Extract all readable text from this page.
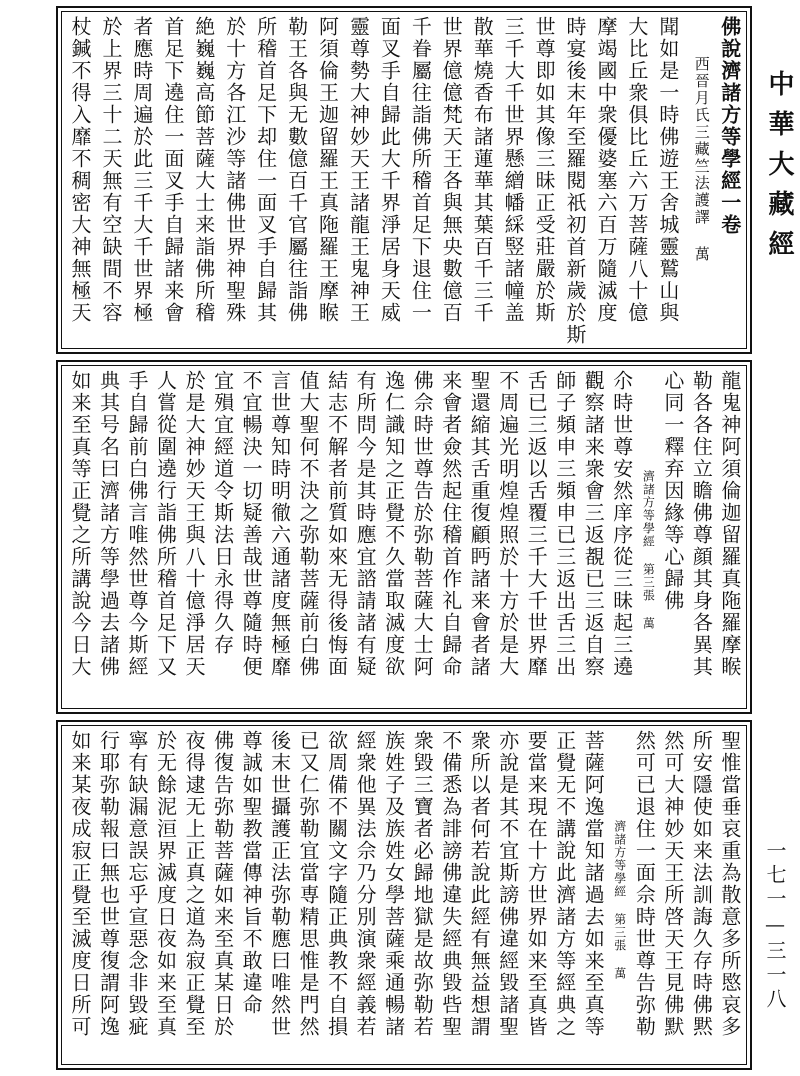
佛說濟諸方等學經一卷
西晉月氏三藏竺法護譯 萬
聞如是一時佛遊王舍城靈鷲山與
大比丘衆俱比丘六万菩薩八十億
摩竭國中衆優婆塞六百万隨滅度
時宴後末年至羅閱祇初首新歲於斯
世尊即如其像三昧正受莊嚴於斯
三千大千世界懸繒幡綵竪諸幢盖
散華燒香布諸蓮華其葉百千三千
世界億億梵天王各與無央數億百
千眷屬往詣佛所稽首足下退住一
面叉手自歸此大千界淨居身天威
靈尊勢大神妙天王諸龍王鬼神王
阿須倫王迦留羅王真陁羅王摩睺
勒王各與无數億百千官屬往詣佛
所稽首足下却住一面叉手自歸其
於十方各江沙等諸佛世界神聖殊
絶巍巍高節菩薩大士来詣佛所稽
首足下遶住一面叉手自歸諸来會
者應時周遍於此三千大千世界極
於上界三十二天無有空缺間不容
杖鍼不得入靡不稠密大神無極天
龍鬼神阿須倫迦留羅真陁羅摩睺
勒各各住立瞻佛尊顔其身各異其
心同一釋弃因緣等心歸佛
濟諸方等學經 第三張 萬
尒時世尊安然庠序從三昧起三遶
觀察諸来衆會三返覩已三返自察
師子頻申三頻申已三返出舌三出
舌已三返以舌覆三千大千世界靡
不周遍光明煌煌照於十方於是大
聖還縮其舌重復顧眄諸来會者諸
来會者僉然起住稽首作礼自歸命
佛佘時世尊告於弥勒菩薩大士阿
逸仁識知之正覺不久當取滅度欲
有所問今是其時應宜諮請諸有疑
結志不解者前質如來无得後悔面
值大聖何不決之弥勒菩薩前白佛
言世尊知時明徹六通諸度無極靡
不宜暢決一切疑善哉世尊隨時便
宜殞宜經道令斯法日永得久存
於是大神妙天王與八十億淨居天
人嘗從圍遶行詣佛所稽首足下又
手自歸前白佛言唯然世尊今斯經
典其号名曰濟諸方等學過去諸佛
如来至真等正覺之所講說今日大
聖惟當垂哀重為散意多所愍哀多
所安隱使如来法訓誨久存時佛黙
然可大神妙天王所啓天王見佛默
然可已退住一面佘時世尊告弥勒
濟諸方等學經 第三張 萬
菩薩阿逸當知諸過去如来至真等
正覺无不講說此濟諸方等經典之
要當来現在十方世界如来至真皆
亦說是其不宜斯謗佛違經毀諸聖
衆所以者何若說此經有無益想謂
不備悉為誹謗佛違失經典毀呰聖
衆毀三寶者必歸地獄是故弥勒若
族姓子及族姓女學菩薩乘通暢諸
經衆他異法佘乃分別演衆經義若
欲周備不關文字隨正典教不自損
已又仁弥勒宜當専精思惟是門然
後末世攝護正法弥勒應曰唯然世
尊誠如聖教當傳神旨不敢違命
佛復告弥勒菩薩如来至真某日於
夜得逮无上正真之道為寂正覺至
於无餘泥洹界滅度日夜如来至真
寧有缺漏意誤忘乎宣惡念非毀疵
行耶弥勒報曰無也世尊復謂阿逸
如来某夜成寂正覺至滅度日所可
中華大藏經
一七一—三一八
